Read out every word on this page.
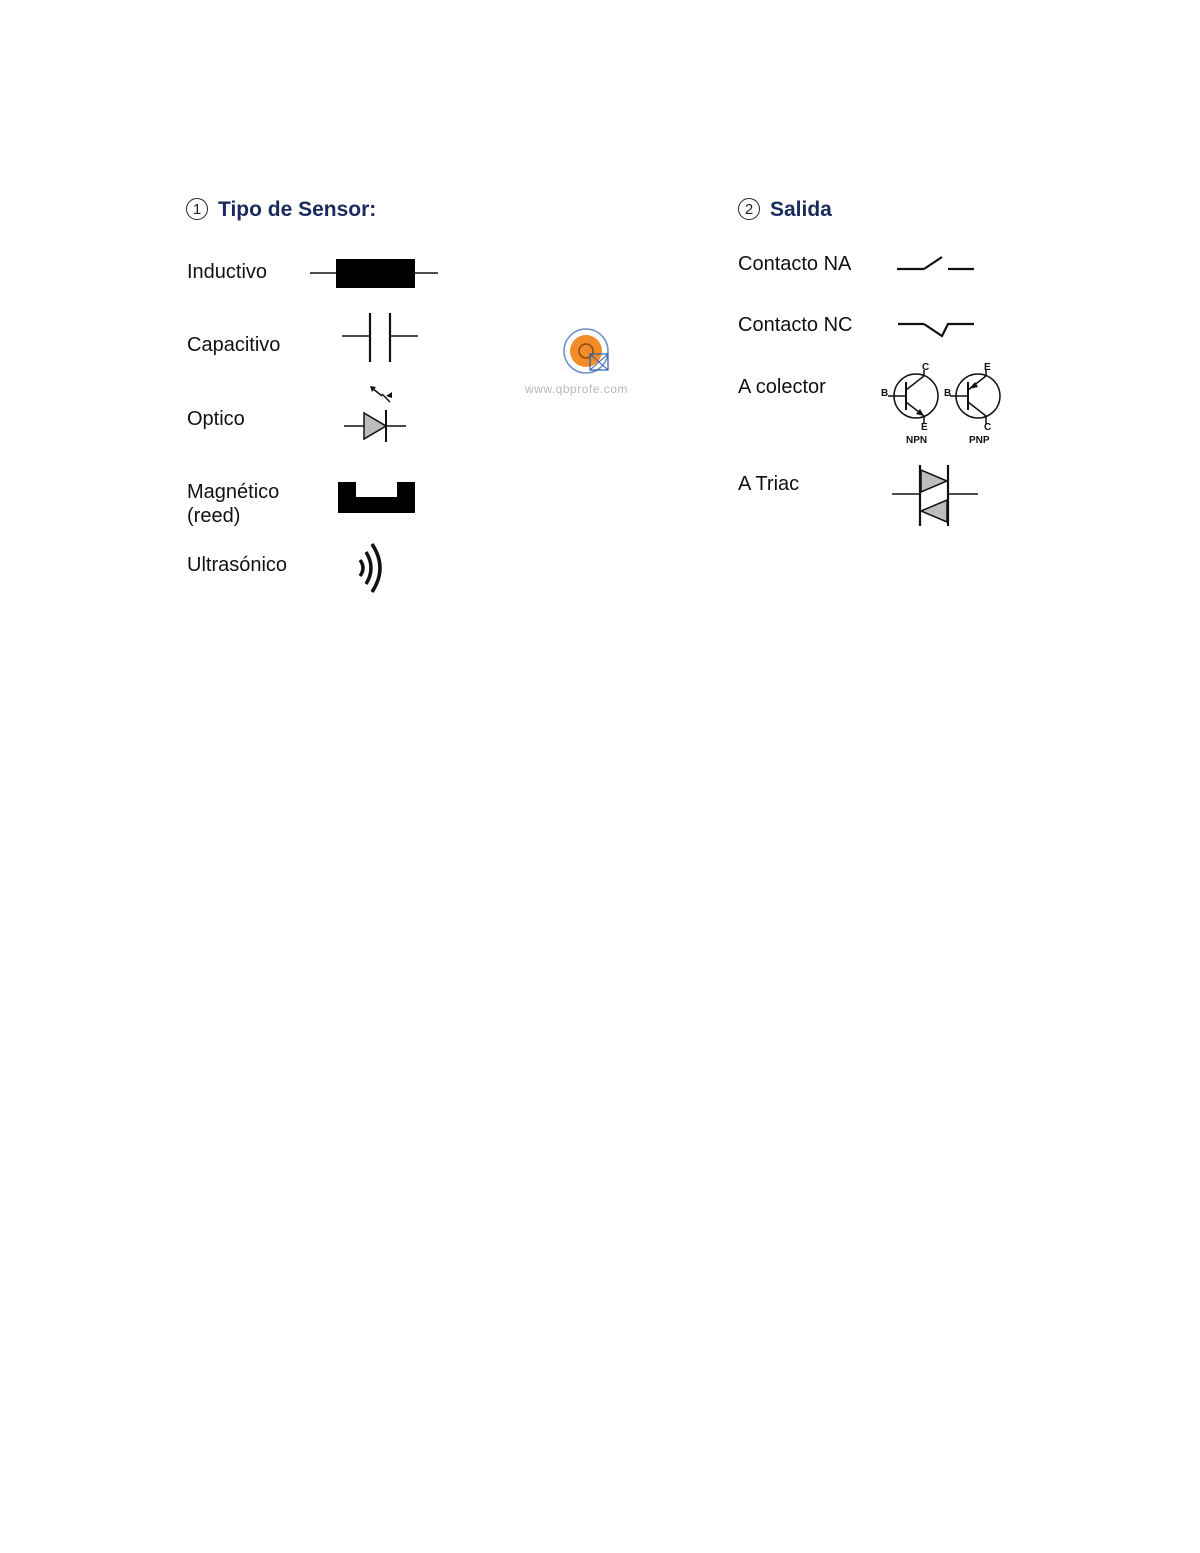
1 Tipo de Sensor:	2 Salida
Inductivo
Capacitivo
Optico
Magnético
(reed)
Ultrasónico
Contacto NA
Contacto NC
A colector
A Triac
www.qbprofe.com
C
B
E
NPN
E
B
C
PNP
